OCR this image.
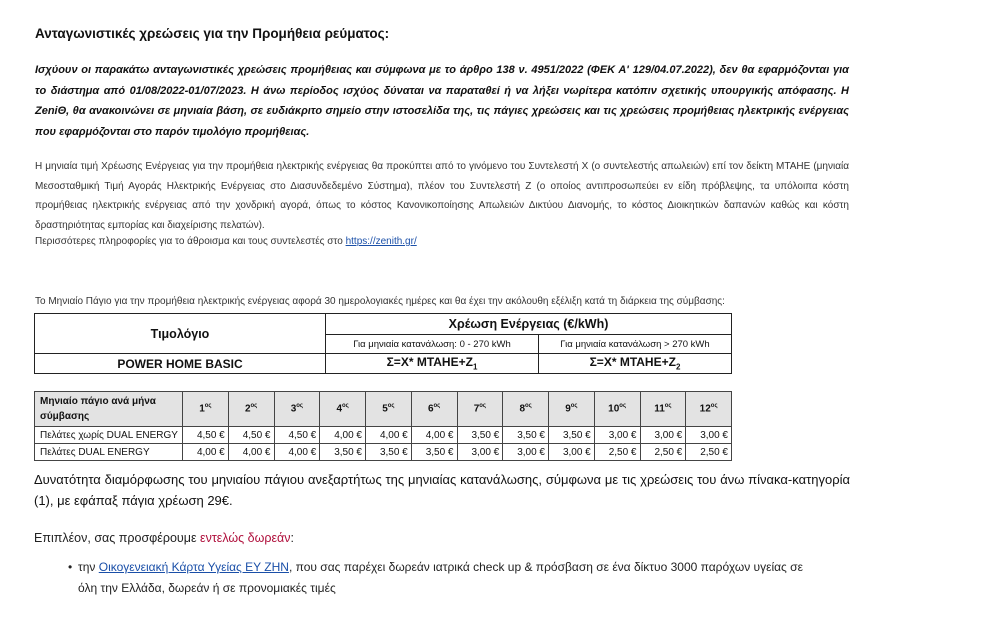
Ανταγωνιστικές χρεώσεις για την Προμήθεια ρεύματος:
Ισχύουν οι παρακάτω ανταγωνιστικές χρεώσεις προμήθειας και σύμφωνα με το άρθρο 138 ν. 4951/2022 (ΦΕΚ Α' 129/04.07.2022), δεν θα εφαρμόζονται για το διάστημα από 01/08/2022-01/07/2023. Η άνω περίοδος ισχύος δύναται να παραταθεί ή να λήξει νωρίτερα κατόπιν σχετικής υπουργικής απόφασης. Η ZeniΘ, θα ανακοινώνει σε μηνιαία βάση, σε ευδιάκριτο σημείο στην ιστοσελίδα της, τις πάγιες χρεώσεις και τις χρεώσεις προμήθειας ηλεκτρικής ενέργειας που εφαρμόζονται στο παρόν τιμολόγιο προμήθειας.
Η μηνιαία τιμή Χρέωσης Ενέργειας για την προμήθεια ηλεκτρικής ενέργειας θα προκύπτει από το γινόμενο του Συντελεστή Χ (ο συντελεστής απωλειών) επί τον δείκτη ΜΤΑΗΕ (μηνιαία Μεσοσταθμική Τιμή Αγοράς Ηλεκτρικής Ενέργειας στο Διασυνδεδεμένο Σύστημα), πλέον του Συντελεστή Z (ο οποίος αντιπροσωπεύει εν είδη πρόβλεψης, τα υπόλοιπα κόστη προμήθειας ηλεκτρικής ενέργειας από την χονδρική αγορά, όπως το κόστος Κανονικοποίησης Απωλειών Δικτύου Διανομής, το κόστος Διοικητικών δαπανών καθώς και κόστη δραστηριότητας εμπορίας και διαχείρισης πελατών).
Περισσότερες πληροφορίες για το άθροισμα και τους συντελεστές στο https://zenith.gr/
Το Μηνιαίο Πάγιο για την προμήθεια ηλεκτρικής ενέργειας αφορά 30 ημερολογιακές ημέρες και θα έχει την ακόλουθη εξέλιξη κατά τη διάρκεια της σύμβασης:
Τιμολόγιο	Χρέωση Ενέργειας (€/kWh)	
	Για μηνιαία κατανάλωση: 0 - 270 kWh	Για μηνιαία κατανάλωση > 270 kWh
POWER HOME BASIC	Σ=Χ* $MTAHE+Z_1$	Σ=Χ* $MTAHE+Z_2$
Μηνιαίο πάγιο ανά μήνα σύμβασης	$1^{o\varsigma}$	$2^{o\varsigma}$	$3^{o\varsigma}$	$4^{o\varsigma}$	$5^{o\varsigma}$	$6^{o\varsigma}$	$7^{o\varsigma}$	$8^{o\varsigma}$	$9^{o\varsigma}$	$10^{o\varsigma}$	$11^{o\varsigma}$	$12^{o\varsigma}$
Πελάτες χωρίς DUAL ENERGY	4,50 €	4,50 €	4,50 €	4,00 €	4,00 €	4,00 €	3,50 €	3,50 €	3,50 €	3,00 €	3,00 €	3,00 €
Πελάτες DUAL ENERGY	4,00 €	4,00 €	4,00 €	3,50 €	3,50 €	3,50 €	3,00 €	3,00 €	3,00 €	2,50 €	2,50 €	2,50 €
Δυνατότητα διαμόρφωσης του μηνιαίου πάγιου ανεξαρτήτως της μηνιαίας κατανάλωσης, σύμφωνα με τις χρεώσεις του άνω πίνακα-κατηγορία (1), με εφάπαξ πάγια χρέωση 29€.
Επιπλέον, σας προσφέρουμε εντελώς δωρεάν:
• την Οικογενειακή Κάρτα Υγείας ΕΥ ΖΗΝ, που σας παρέχει δωρεάν ιατρικά check up & πρόσβαση σε ένα δίκτυο 3000 παρόχων υγείας σε όλη την Ελλάδα, δωρεάν ή σε προνομιακές τιμές
